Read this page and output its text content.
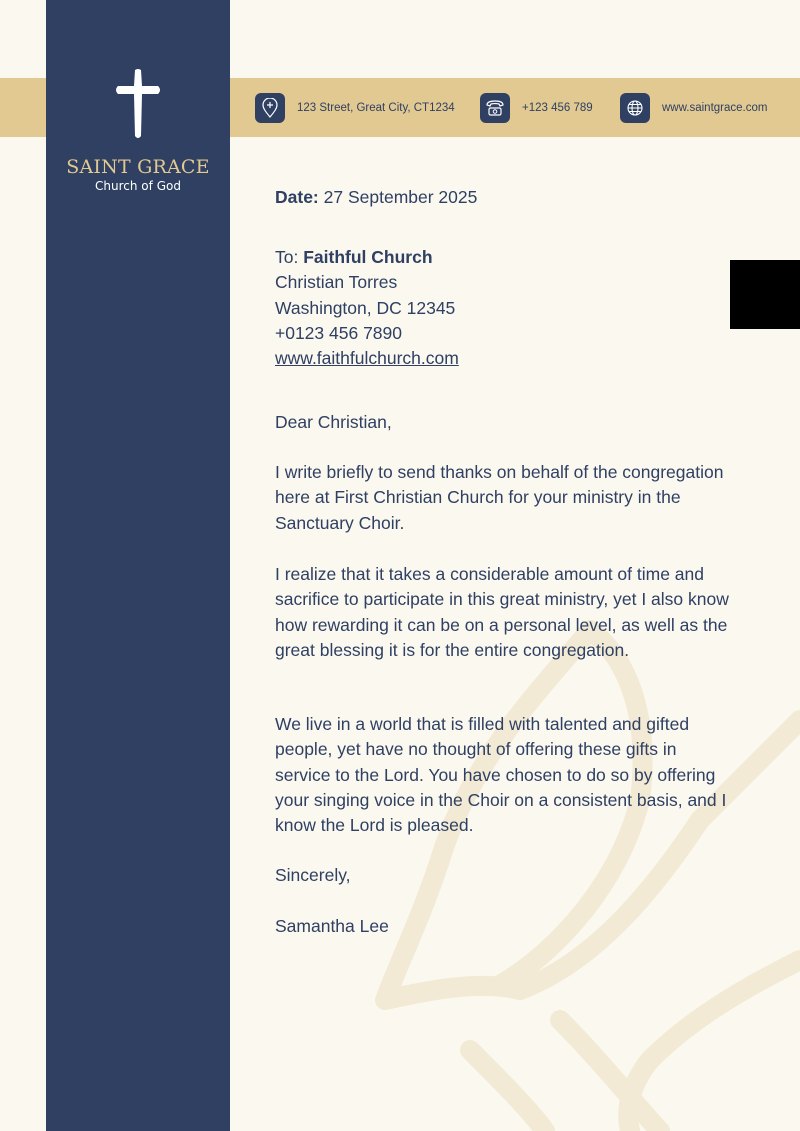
SAINT GRACE
Church of God
123 Street, Great City, CT1234	+123 456 789	www.saintgrace.com

Date: 27 September 2025

To: Faithful Church

Christian Torres

Washington, DC 12345

+0123 456 7890

www.faithfulchurch.com

Dear Christian,

I write briefly to send thanks on behalf of the congregation here at First Christian Church for your ministry in the Sanctuary Choir.

I realize that it takes a considerable amount of time and sacrifice to participate in this great ministry, yet I also know how rewarding it can be on a personal level, as well as the great blessing it is for the entire congregation.

We live in a world that is filled with talented and gifted people, yet have no thought of offering these gifts in service to the Lord. You have chosen to do so by offering your singing voice in the Choir on a consistent basis, and I know the Lord is pleased.

Sincerely,

Samantha Lee
